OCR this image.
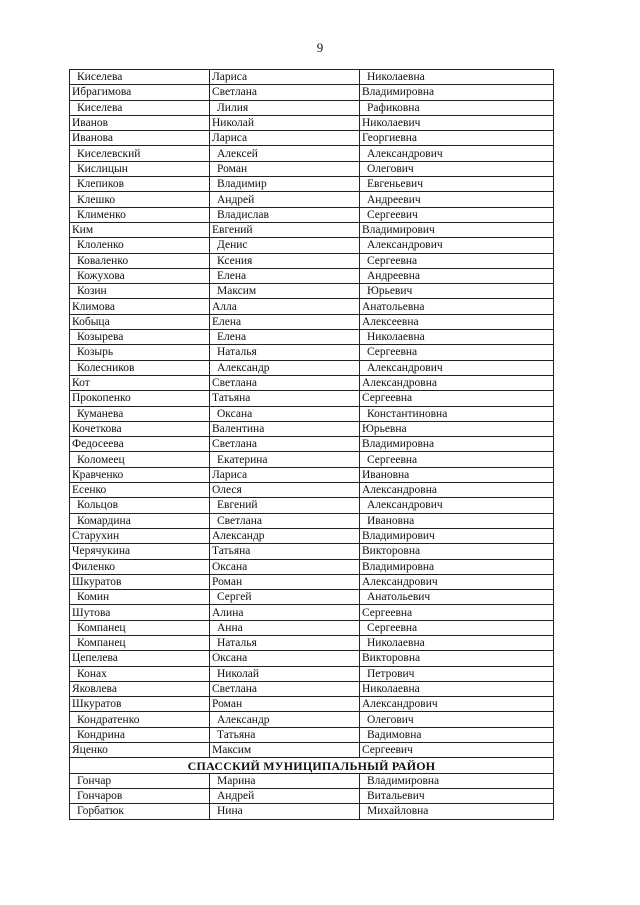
9
Киселева	Лариса	Николаевна
Ибрагимова	Светлана	Владимировна
Киселева	Лилия	Рафиковна
Иванов	Николай	Николаевич
Иванова	Лариса	Георгиевна
Киселевский	Алексей	Александрович
Кислицын	Роман	Олегович
Клепиков	Владимир	Евгеньевич
Клешко	Андрей	Андреевич
Клименко	Владислав	Сергеевич
Ким	Евгений	Владимирович
Клоленко	Денис	Александрович
Коваленко	Ксения	Сергеевна
Кожухова	Елена	Андреевна
Козин	Максим	Юрьевич
Климова	Алла	Анатольевна
Кобыца	Елена	Алексеевна
Козырева	Елена	Николаевна
Козырь	Наталья	Сергеевна
Колесников	Александр	Александрович
Кот	Светлана	Александровна
Прокопенко	Татьяна	Сергеевна
Куманева	Оксана	Константиновна
Кочеткова	Валентина	Юрьевна
Федосеева	Светлана	Владимировна
Коломеец	Екатерина	Сергеевна
Кравченко	Лариса	Ивановна
Есенко	Олеся	Александровна
Кольцов	Евгений	Александрович
Комардина	Светлана	Ивановна
Старухин	Александр	Владимирович
Черячукина	Татьяна	Викторовна
Филенко	Оксана	Владимировна
Шкуратов	Роман	Александрович
Комин	Сергей	Анатольевич
Шутова	Алина	Сергеевна
Компанец	Анна	Сергеевна
Компанец	Наталья	Николаевна
Цепелева	Оксана	Викторовна
Конах	Николай	Петрович
Яковлева	Светлана	Николаевна
Шкуратов	Роман	Александрович
Кондратенко	Александр	Олегович
Кондрина	Татьяна	Вадимовна
Яценко	Максим	Сергеевич
СПАССКИЙ МУНИЦИПАЛЬНЫЙ РАЙОН		
Гончар	Марина	Владимировна
Гончаров	Андрей	Витальевич
Горбатюк	Нина	Михайловна
